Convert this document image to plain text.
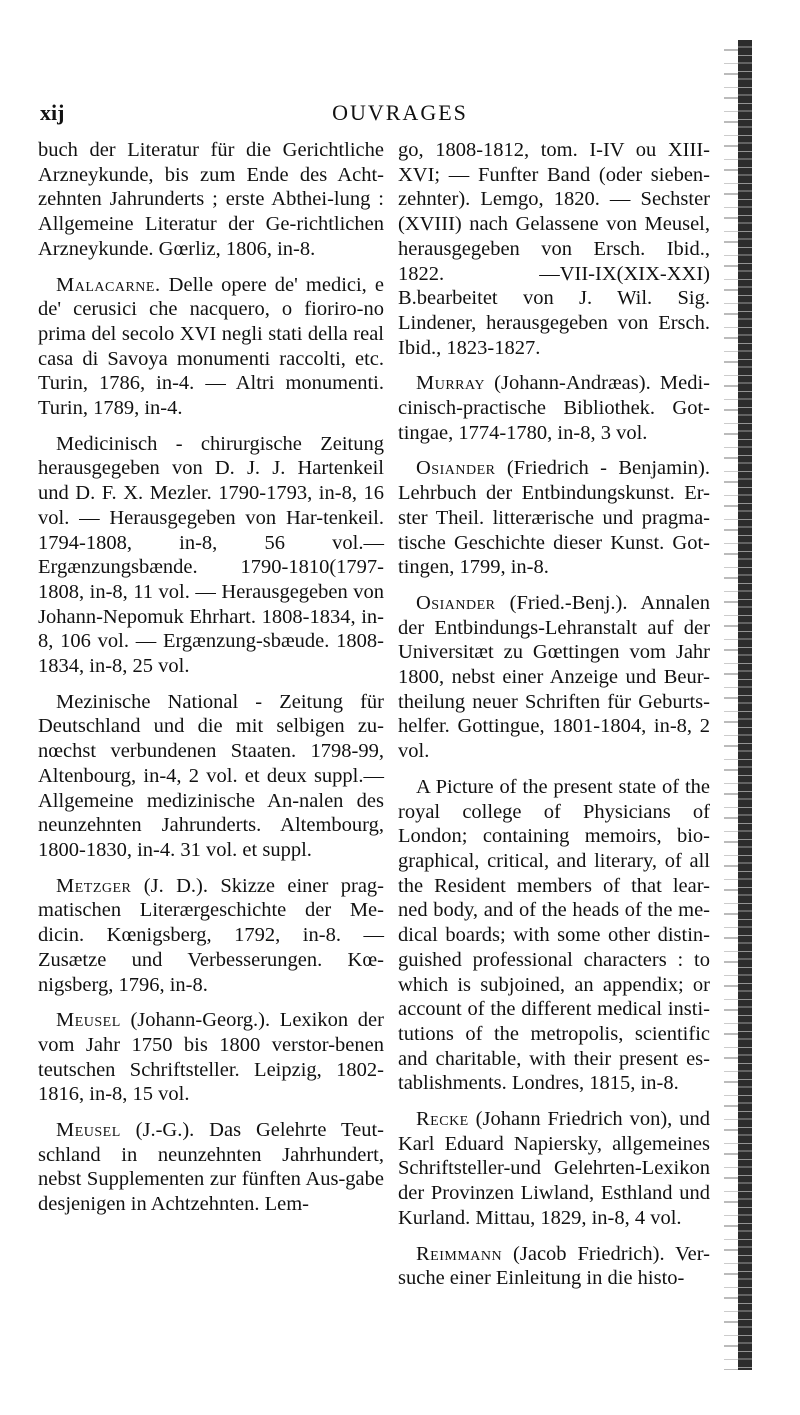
xij	OUVRAGES

buch der Literatur für die Gerichtliche Arzneykunde, bis zum Ende des Acht-zehnten Jahrunderts ; erste Abthei-lung : Allgemeine Literatur der Ge-richtlichen Arzneykunde. Gœrliz, 1806, in-8.

Malacarne. Delle opere de' medici, e de' cerusici che nacquero, o fioriro-no prima del secolo XVI negli stati della real casa di Savoya monumenti raccolti, etc. Turin, 1786, in-4. — Altri monumenti. Turin, 1789, in-4.

Medicinisch - chirurgische Zeitung herausgegeben von D. J. J. Hartenkeil und D. F. X. Mezler. 1790-1793, in-8, 16 vol. — Herausgegeben von Har-tenkeil. 1794-1808, in-8, 56 vol.— Ergænzungsbænde. 1790-1810(1797-1808, in-8, 11 vol. — Herausgegeben von Johann-Nepomuk Ehrhart. 1808-1834, in-8, 106 vol. — Ergænzung-sbæude. 1808-1834, in-8, 25 vol.

Mezinische National - Zeitung für Deutschland und die mit selbigen zu-nœchst verbundenen Staaten. 1798-99, Altenbourg, in-4, 2 vol. et deux suppl.—Allgemeine medizinische An-nalen des neunzehnten Jahrunderts. Altembourg, 1800-1830, in-4. 31 vol. et suppl.

Metzger (J. D.). Skizze einer prag-matischen Literærgeschichte der Me-dicin. Kœnigsberg, 1792, in-8. — Zusætze und Verbesserungen. Kœ-nigsberg, 1796, in-8.

Meusel (Johann-Georg.). Lexikon der vom Jahr 1750 bis 1800 verstor-benen teutschen Schriftsteller. Leipzig, 1802-1816, in-8, 15 vol.

Meusel (J.-G.). Das Gelehrte Teut-schland in neunzehnten Jahrhundert, nebst Supplementen zur fünften Aus-gabe desjenigen in Achtzehnten. Lem-

go, 1808-1812, tom. I-IV ou XIII-XVI; — Funfter Band (oder sieben-zehnter). Lemgo, 1820. — Sechster (XVIII) nach Gelassene von Meusel, herausgegeben von Ersch. Ibid., 1822. —VII-IX(XIX-XXI) B.bearbeitet von J. Wil. Sig. Lindener, herausgegeben von Ersch. Ibid., 1823-1827.

Murray (Johann-Andræas). Medi-cinisch-practische Bibliothek. Got-tingae, 1774-1780, in-8, 3 vol.

Osiander (Friedrich - Benjamin). Lehrbuch der Entbindungskunst. Er-ster Theil. litterærische und pragma-tische Geschichte dieser Kunst. Got-tingen, 1799, in-8.

Osiander (Fried.-Benj.). Annalen der Entbindungs-Lehranstalt auf der Universitæt zu Gœttingen vom Jahr 1800, nebst einer Anzeige und Beur-theilung neuer Schriften für Geburts-helfer. Gottingue, 1801-1804, in-8, 2 vol.

A Picture of the present state of the royal college of Physicians of London; containing memoirs, bio-graphical, critical, and literary, of all the Resident members of that lear-ned body, and of the heads of the me-dical boards; with some other distin-guished professional characters : to which is subjoined, an appendix; or account of the different medical insti-tutions of the metropolis, scientific and charitable, with their present es-tablishments. Londres, 1815, in-8.

Recke (Johann Friedrich von), und Karl Eduard Napiersky, allgemeines Schriftsteller-und Gelehrten-Lexikon der Provinzen Liwland, Esthland und Kurland. Mittau, 1829, in-8, 4 vol.

Reimmann (Jacob Friedrich). Ver-suche einer Einleitung in die histo-
